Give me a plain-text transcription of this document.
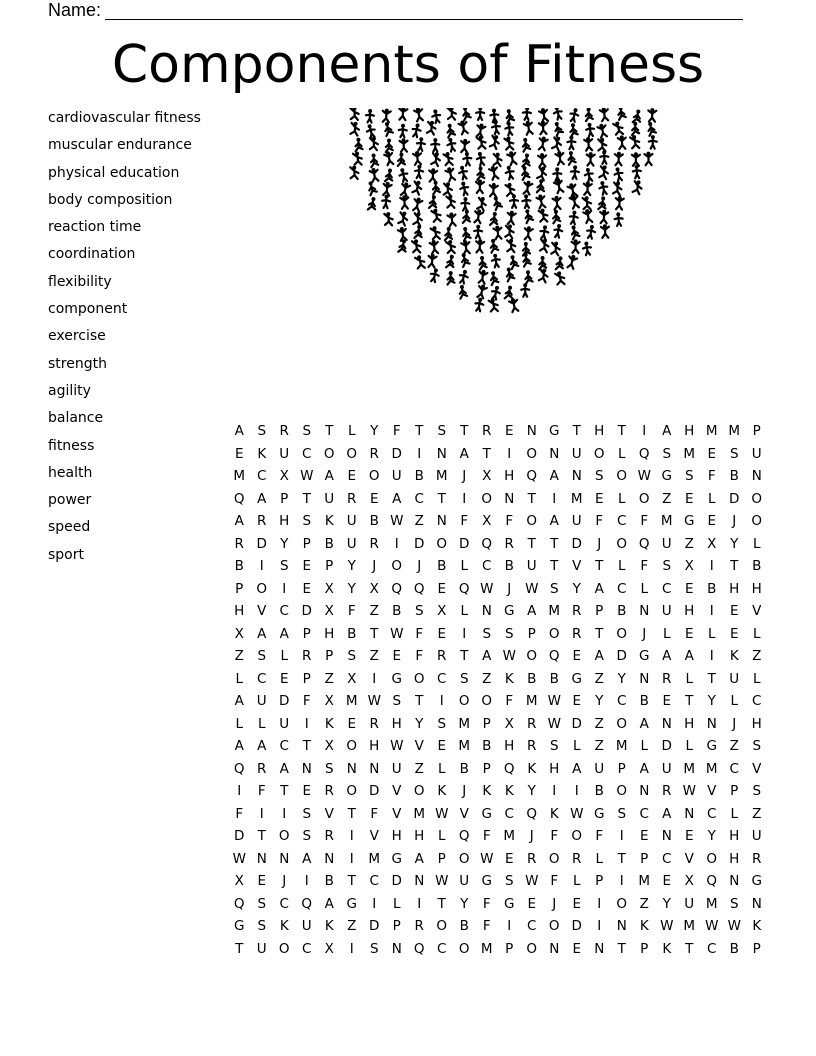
Name:
Components of Fitness
cardiovascular fitness
muscular endurance
physical education
body composition
reaction time
coordination
flexibility
component
exercise
strength
agility
balance
fitness
health
power
speed
sport
A	S	R	S	T	L	Y	F	T	S	T	R	E	N	G	T	H	T	I	A	H	M	M	P
E	K	U	C	O	O	R	D	I	N	A	T	I	O	N	U	O	L	Q	S	M	E	S	U
M	C	X	W	A	E	O	U	B	M	J	X	H	Q	A	N	S	O	W	G	S	F	B	N
Q	A	P	T	U	R	E	A	C	T	I	O	N	T	I	M	E	L	O	Z	E	L	D	O
A	R	H	S	K	U	B	W	Z	N	F	X	F	O	A	U	F	C	F	M	G	E	J	O
R	D	Y	P	B	U	R	I	D	O	D	Q	R	T	T	D	J	O	Q	U	Z	X	Y	L
B	I	S	E	P	Y	J	O	J	B	L	C	B	U	T	V	T	L	F	S	X	I	T	B
P	O	I	E	X	Y	X	Q	Q	E	Q	W	J	W	S	Y	A	C	L	C	E	B	H	H
H	V	C	D	X	F	Z	B	S	X	L	N	G	A	M	R	P	B	N	U	H	I	E	V
X	A	A	P	H	B	T	W	F	E	I	S	S	P	O	R	T	O	J	L	E	L	E	L
Z	S	L	R	P	S	Z	E	F	R	T	A	W	O	Q	E	A	D	G	A	A	I	K	Z
L	C	E	P	Z	X	I	G	O	C	S	Z	K	B	B	G	Z	Y	N	R	L	T	U	L
A	U	D	F	X	M	W	S	T	I	O	O	F	M	W	E	Y	C	B	E	T	Y	L	C
L	L	U	I	K	E	R	H	Y	S	M	P	X	R	W	D	Z	O	A	N	H	N	J	H
A	A	C	T	X	O	H	W	V	E	M	B	H	R	S	L	Z	M	L	D	L	G	Z	S
Q	R	A	N	S	N	N	U	Z	L	B	P	Q	K	H	A	U	P	A	U	M	M	C	V
I	F	T	E	R	O	D	V	O	K	J	K	K	Y	I	I	B	O	N	R	W	V	P	S
F	I	I	S	V	T	F	V	M	W	V	G	C	Q	K	W	G	S	C	A	N	C	L	Z
D	T	O	S	R	I	V	H	H	L	Q	F	M	J	F	O	F	I	E	N	E	Y	H	U
W	N	N	A	N	I	M	G	A	P	O	W	E	R	O	R	L	T	P	C	V	O	H	R
X	E	J	I	B	T	C	D	N	W	U	G	S	W	F	L	P	I	M	E	X	Q	N	G
Q	S	C	Q	A	G	I	L	I	T	Y	F	G	E	J	E	I	O	Z	Y	U	M	S	N
G	S	K	U	K	Z	D	P	R	O	B	F	I	C	O	D	I	N	K	W	M	W	W	K
T	U	O	C	X	I	S	N	Q	C	O	M	P	O	N	E	N	T	P	K	T	C	B	P
